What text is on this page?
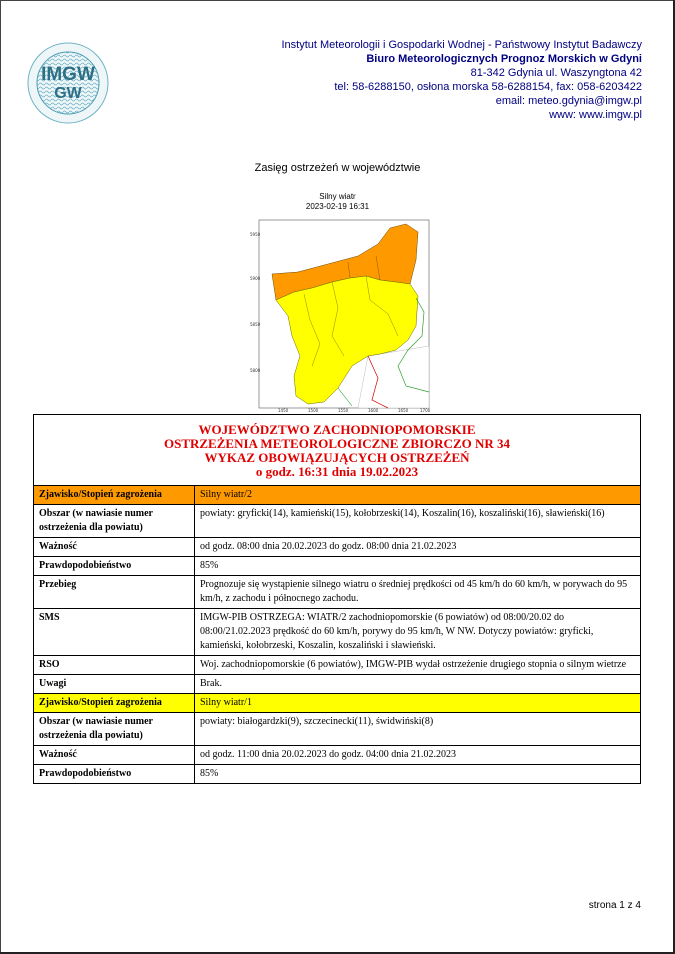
IMGW
GW
Instytut Meteorologii i Gospodarki Wodnej - Państwowy Instytut Badawczy
Biuro Meteorologicznych Prognoz Morskich w Gdyni
81-342 Gdynia ul. Waszyngtona 42
tel: 58-6288150, osłona morska 58-6288154, fax: 058-6203422
email: meteo.gdynia@imgw.pl
www: www.imgw.pl
Zasięg ostrzeżeń w województwie
Silny wiatr
2023-02-19 16:31
5950
5900
5850
5800
1450	1500	1550	1600	1650	1700
WOJEWÓDZTWO ZACHODNIOPOMORSKIE
OSTRZEŻENIA METEOROLOGICZNE ZBIORCZO NR 34
WYKAZ OBOWIĄZUJĄCYCH OSTRZEŻEŃ
o godz. 16:31 dnia 19.02.2023	

Zjawisko/Stopień zagrożenia	Silny wiatr/2
Obszar (w nawiasie numer ostrzeżenia dla powiatu)	powiaty: gryficki(14), kamieński(15), kołobrzeski(14), Koszalin(16), koszaliński(16), sławieński(16)
Ważność	od godz. 08:00 dnia 20.02.2023 do godz. 08:00 dnia 21.02.2023
Prawdopodobieństwo	85%
Przebieg	Prognozuje się wystąpienie silnego wiatru o średniej prędkości od 45 km/h do 60 km/h, w porywach do 95 km/h, z zachodu i północnego zachodu.
SMS	IMGW-PIB OSTRZEGA: WIATR/2 zachodniopomorskie (6 powiatów) od 08:00/20.02 do 08:00/21.02.2023 prędkość do 60 km/h, porywy do 95 km/h, W NW. Dotyczy powiatów: gryficki, kamieński, kołobrzeski, Koszalin, koszaliński i sławieński.
RSO	Woj. zachodniopomorskie (6 powiatów), IMGW-PIB wydał ostrzeżenie drugiego stopnia o silnym wietrze
Uwagi	Brak.
Zjawisko/Stopień zagrożenia	Silny wiatr/1
Obszar (w nawiasie numer ostrzeżenia dla powiatu)	powiaty: białogardzki(9), szczecinecki(11), świdwiński(8)
Ważność	od godz. 11:00 dnia 20.02.2023 do godz. 04:00 dnia 21.02.2023
Prawdopodobieństwo	85%
strona 1 z 4
